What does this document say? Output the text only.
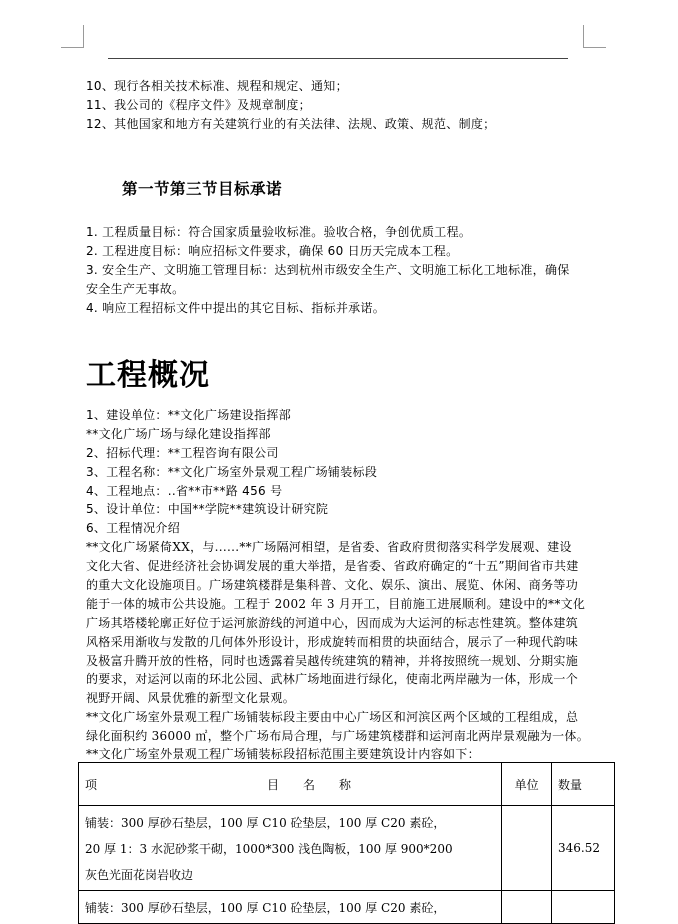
10、现行各相关技术标准、规程和规定、通知；
11、我公司的《程序文件》及规章制度；
12、其他国家和地方有关建筑行业的有关法律、法规、政策、规范、制度；
第一节第三节目标承诺
1. 工程质量目标：符合国家质量验收标准。验收合格，争创优质工程。
2. 工程进度目标：响应招标文件要求，确保 60 日历天完成本工程。
3. 安全生产、文明施工管理目标：达到杭州市级安全生产、文明施工标化工地标准，确保
安全生产无事故。
4. 响应工程招标文件中提出的其它目标、指标并承诺。
工程概况
1、建设单位：**文化广场建设指挥部
**文化广场广场与绿化建设指挥部
2、招标代理：**工程咨询有限公司
3、工程名称：**文化广场室外景观工程广场铺装标段
4、工程地点：..省**市**路 456 号
5、设计单位：中国**学院**建筑设计研究院
6、工程情况介绍
**文化广场紧倚XX，与......**广场隔河相望，是省委、省政府贯彻落实科学发展观、建设
文化大省、促进经济社会协调发展的重大举措，是省委、省政府确定的“十五”期间省市共建
的重大文化设施项目。广场建筑楼群是集科普、文化、娱乐、演出、展览、休闲、商务等功
能于一体的城市公共设施。工程于 2002 年 3 月开工，目前施工进展顺利。建设中的**文化
广场其塔楼轮廓正好位于运河旅游线的河道中心，因而成为大运河的标志性建筑。整体建筑
风格采用渐收与发散的几何体外形设计，形成旋转而相贯的块面结合，展示了一种现代韵味
及极富升腾开放的性格，同时也透露着吴越传统建筑的精神，并将按照统一规划、分期实施
的要求，对运河以南的环北公园、武林广场地面进行绿化，使南北两岸融为一体，形成一个
视野开阔、风景优雅的新型文化景观。
**文化广场室外景观工程广场铺装标段主要由中心广场区和河滨区两个区域的工程组成，总
绿化面积约 36000 ㎡，整个广场布局合理，与广场建筑楼群和运河南北两岸景观融为一体。
**文化广场室外景观工程广场铺装标段招标范围主要建筑设计内容如下：
项 目名称	单位	数量

铺装：300 厚砂石垫层，100 厚 C10 砼垫层，100 厚 C20 素砼，
20 厚 1：3 水泥砂浆干砌，1000*300 浅色陶板，100 厚 900*200
灰色光面花岗岩收边		346.52

铺装：300 厚砂石垫层，100 厚 C10 砼垫层，100 厚 C20 素砼，		
